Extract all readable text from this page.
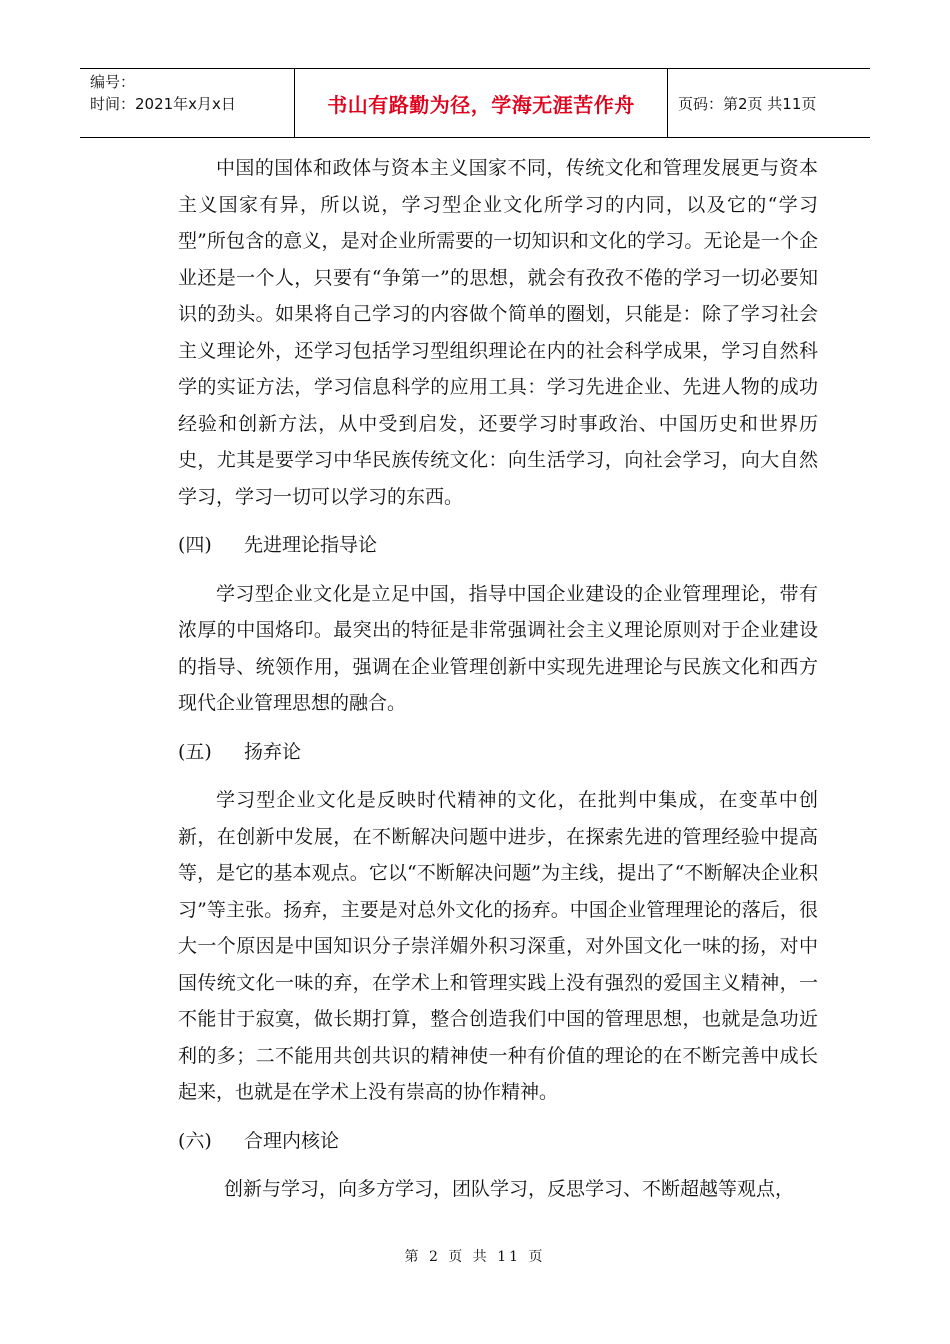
编号：
时间：2021年x月x日	书山有路勤为径，学海无涯苦作舟	页码：第2页 共11页

中国的国体和政体与资本主义国家不同，传统文化和管理发展更与资本主义国家有异，所以说，学习型企业文化所学习的内同，以及它的“学习型”所包含的意义，是对企业所需要的一切知识和文化的学习。无论是一个企业还是一个人，只要有“争第一”的思想，就会有孜孜不倦的学习一切必要知识的劲头。如果将自己学习的内容做个简单的圈划，只能是：除了学习社会主义理论外，还学习包括学习型组织理论在内的社会科学成果，学习自然科学的实证方法，学习信息科学的应用工具：学习先进企业、先进人物的成功经验和创新方法，从中受到启发，还要学习时事政治、中国历史和世界历史，尤其是要学习中华民族传统文化：向生活学习，向社会学习，向大自然学习，学习一切可以学习的东西。

(四) 先进理论指导论

学习型企业文化是立足中国，指导中国企业建设的企业管理理论，带有浓厚的中国烙印。最突出的特征是非常强调社会主义理论原则对于企业建设的指导、统领作用，强调在企业管理创新中实现先进理论与民族文化和西方现代企业管理思想的融合。

(五) 扬弃论

学习型企业文化是反映时代精神的文化，在批判中集成，在变革中创新，在创新中发展，在不断解决问题中进步，在探索先进的管理经验中提高等，是它的基本观点。它以“不断解决问题”为主线，提出了“不断解决企业积习”等主张。扬弃，主要是对总外文化的扬弃。中国企业管理理论的落后，很大一个原因是中国知识分子崇洋媚外积习深重，对外国文化一味的扬，对中国传统文化一味的弃，在学术上和管理实践上没有强烈的爱国主义精神，一不能甘于寂寞，做长期打算，整合创造我们中国的管理思想，也就是急功近利的多；二不能用共创共识的精神使一种有价值的理论的在不断完善中成长起来，也就是在学术上没有崇高的协作精神。

(六) 合理内核论

创新与学习，向多方学习，团队学习，反思学习、不断超越等观点，

第 2 页 共 11 页
